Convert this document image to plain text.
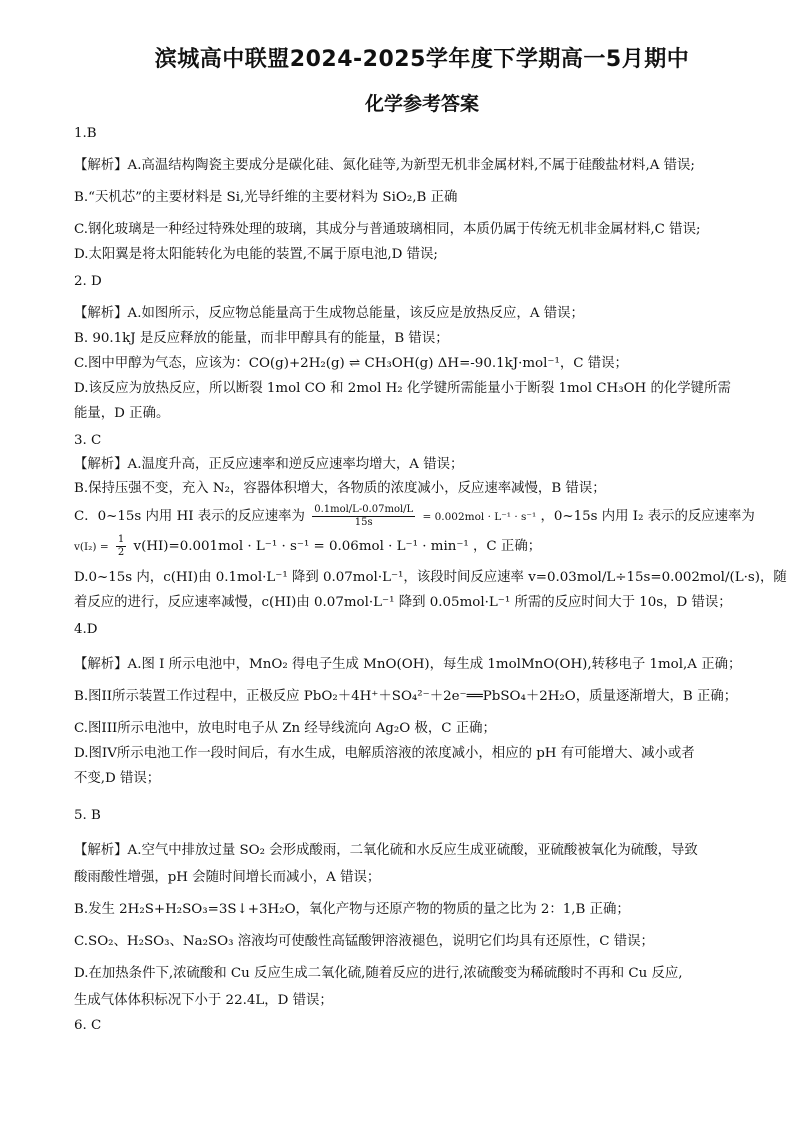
滨城高中联盟2024-2025学年度下学期高一5月期中
化学参考答案
1.B
【解析】A.高温结构陶瓷主要成分是碳化硅、氮化硅等,为新型无机非金属材料,不属于硅酸盐材料,A 错误;
B.“天机芯”的主要材料是 Si,光导纤维的主要材料为 SiO₂,B 正确
C.钢化玻璃是一种经过特殊处理的玻璃，其成分与普通玻璃相同，本质仍属于传统无机非金属材料,C 错误;
D.太阳翼是将太阳能转化为电能的装置,不属于原电池,D 错误;
2. D
【解析】A.如图所示，反应物总能量高于生成物总能量，该反应是放热反应，A 错误；
B. 90.1kJ 是反应释放的能量，而非甲醇具有的能量，B 错误；
C.图中甲醇为气态，应该为：CO(g)+2H₂(g) ⇌ CH₃OH(g) ΔH=-90.1kJ·mol⁻¹，C 错误；
D.该反应为放热反应，所以断裂 1mol CO 和 2mol H₂ 化学键所需能量小于断裂 1mol CH₃OH 的化学键所需
能量，D 正确。
3. C
【解析】A.温度升高，正反应速率和逆反应速率均增大，A 错误；
B.保持压强不变，充入 N₂，容器体积增大，各物质的浓度减小，反应速率减慢，B 错误；
C．0~15s 内用 HI 表示的反应速率为 $\frac{\text{0.1mol/L-0.07mol/L}}{15s} = 0.002mol \cdot L^{-1} \cdot s^{-1}$ ，0~15s 内用 I₂ 表示的反应速率为
$v(I_2) = \frac{1}{2} v(HI)=0.001mol \cdot L^{-1} \cdot s^{-1} = 0.06mol \cdot L^{-1} \cdot \min^{-1}$ ，C 正确；
D.0~15s 内，c(HI)由 0.1mol·L⁻¹ 降到 0.07mol·L⁻¹，该段时间反应速率 v=0.03mol/L÷15s=0.002mol/(L·s)，随
着反应的进行，反应速率减慢，c(HI)由 0.07mol·L⁻¹ 降到 0.05mol·L⁻¹ 所需的反应时间大于 10s，D 错误；
4.D
【解析】A.图 I 所示电池中，MnO₂ 得电子生成 MnO(OH)，每生成 1molMnO(OH),转移电子 1mol,A 正确；
B.图II所示装置工作过程中，正极反应 PbO₂＋4H⁺＋SO₄²⁻＋2e⁻══PbSO₄＋2H₂O，质量逐渐增大，B 正确；
C.图III所示电池中，放电时电子从 Zn 经导线流向 Ag₂O 极，C 正确；
D.图IV所示电池工作一段时间后，有水生成，电解质溶液的浓度减小，相应的 pH 有可能增大、减小或者
不变,D 错误；
5. B
【解析】A.空气中排放过量 SO₂ 会形成酸雨，二氧化硫和水反应生成亚硫酸，亚硫酸被氧化为硫酸，导致
酸雨酸性增强，pH 会随时间增长而减小，A 错误；
B.发生 2H₂S+H₂SO₃=3S↓+3H₂O，氧化产物与还原产物的物质的量之比为 2：1,B 正确；
C.SO₂、H₂SO₃、Na₂SO₃ 溶液均可使酸性高锰酸钾溶液褪色，说明它们均具有还原性，C 错误；
D.在加热条件下,浓硫酸和 Cu 反应生成二氧化硫,随着反应的进行,浓硫酸变为稀硫酸时不再和 Cu 反应,
生成气体体积标况下小于 22.4L，D 错误；
6. C
